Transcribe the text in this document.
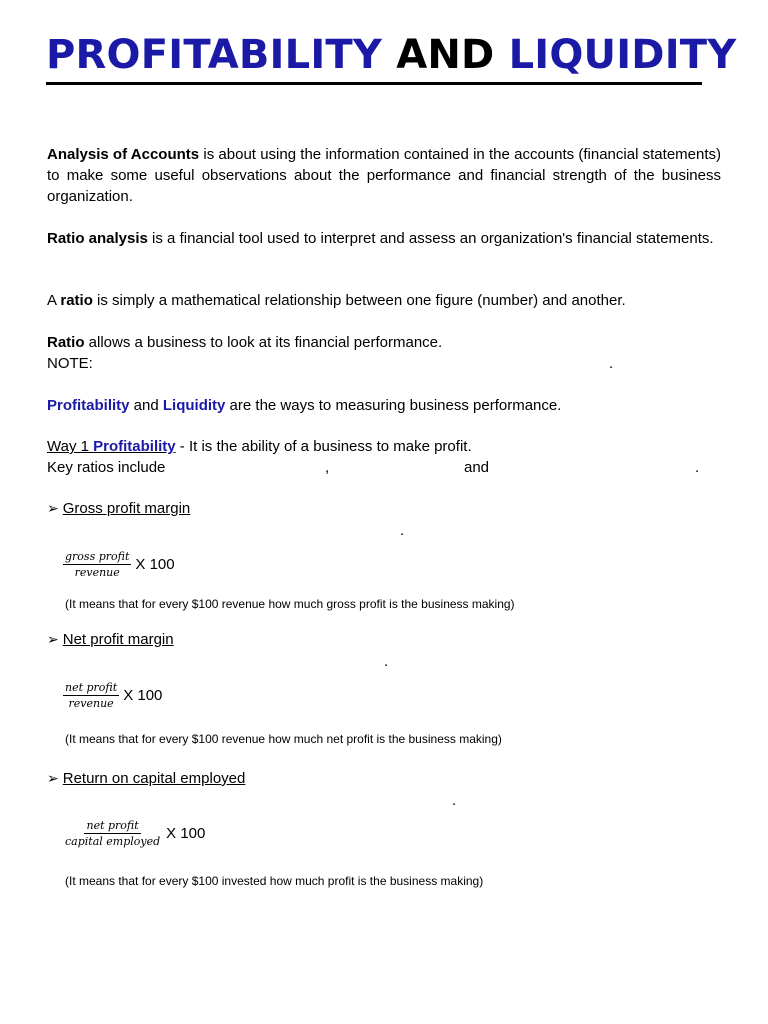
PROFITABILITY AND LIQUIDITY

Analysis of Accounts is about using the information contained in the accounts (financial statements) to make some useful observations about the performance and financial strength of the business organization.

Ratio analysis is a financial tool used to interpret and assess an organization's financial statements.

A ratio is simply a mathematical relationship between one figure (number) and another.

Ratio allows a business to look at its financial performance.

NOTE:	.

Profitability and Liquidity are the ways to measuring business performance.

Way 1 Profitability - It is the ability of a business to make profit.

Key ratios include	,	and	.

➢ Gross profit margin

.
$\frac{\text{gross profit}}{\text{revenue}}$ X 100

(It means that for every $100 revenue how much gross profit is the business making)

➢ Net profit margin

.
$\frac{\text{net profit}}{\text{revenue}}$ X 100

(It means that for every $100 revenue how much net profit is the business making)

➢ Return on capital employed

.
$\frac{\text{net profit}}{\text{capital employed}}$ X 100

(It means that for every $100 invested how much profit is the business making)
